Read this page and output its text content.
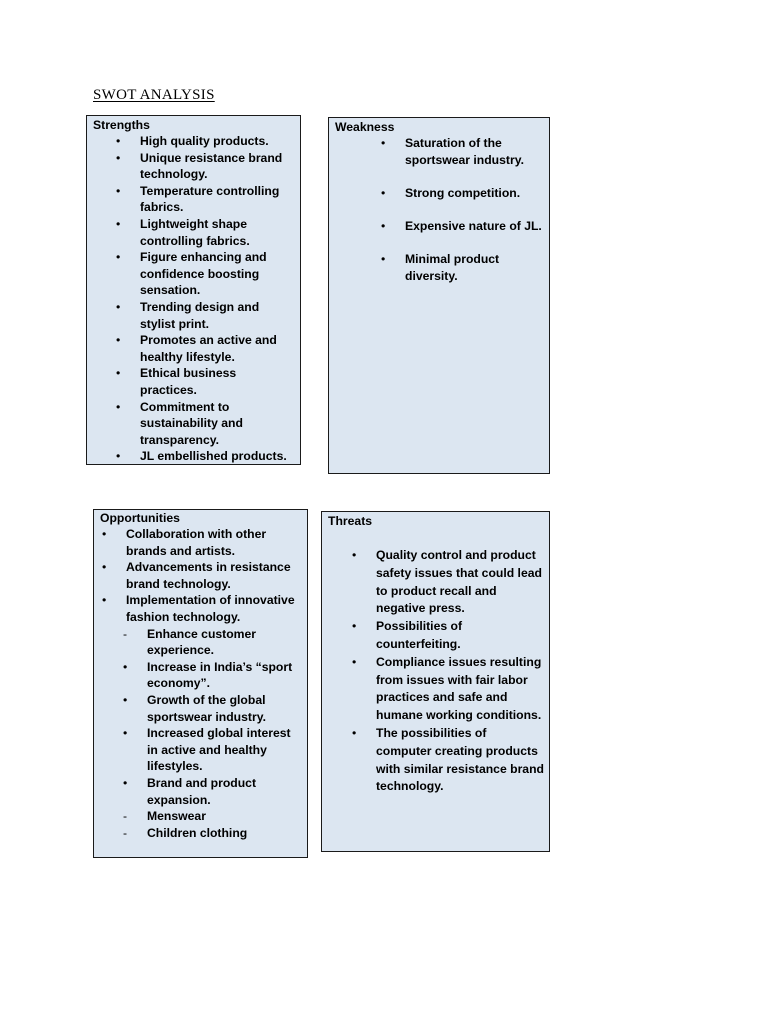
SWOT ANALYSIS
Strengths
• High quality products.
• Unique resistance brand technology.
• Temperature controlling fabrics.
• Lightweight shape controlling fabrics.
• Figure enhancing and confidence boosting sensation.
• Trending design and stylist print.
• Promotes an active and healthy lifestyle.
• Ethical business practices.
• Commitment to sustainability and transparency.
• JL embellished products.
Weakness
• Saturation of the sportswear industry.
• Strong competition.
• Expensive nature of JL.
• Minimal product diversity.
Opportunities
• Collaboration with other brands and artists.
• Advancements in resistance brand technology.
• Implementation of innovative fashion technology.
- Enhance customer experience.
• Increase in India’s “sport economy”.
• Growth of the global sportswear industry.
• Increased global interest in active and healthy lifestyles.
• Brand and product expansion.
- Menswear
- Children clothing
Threats
• Quality control and product safety issues that could lead to product recall and negative press.
• Possibilities of counterfeiting.
• Compliance issues resulting from issues with fair labor practices and safe and humane working conditions.
• The possibilities of computer creating products with similar resistance brand technology.
